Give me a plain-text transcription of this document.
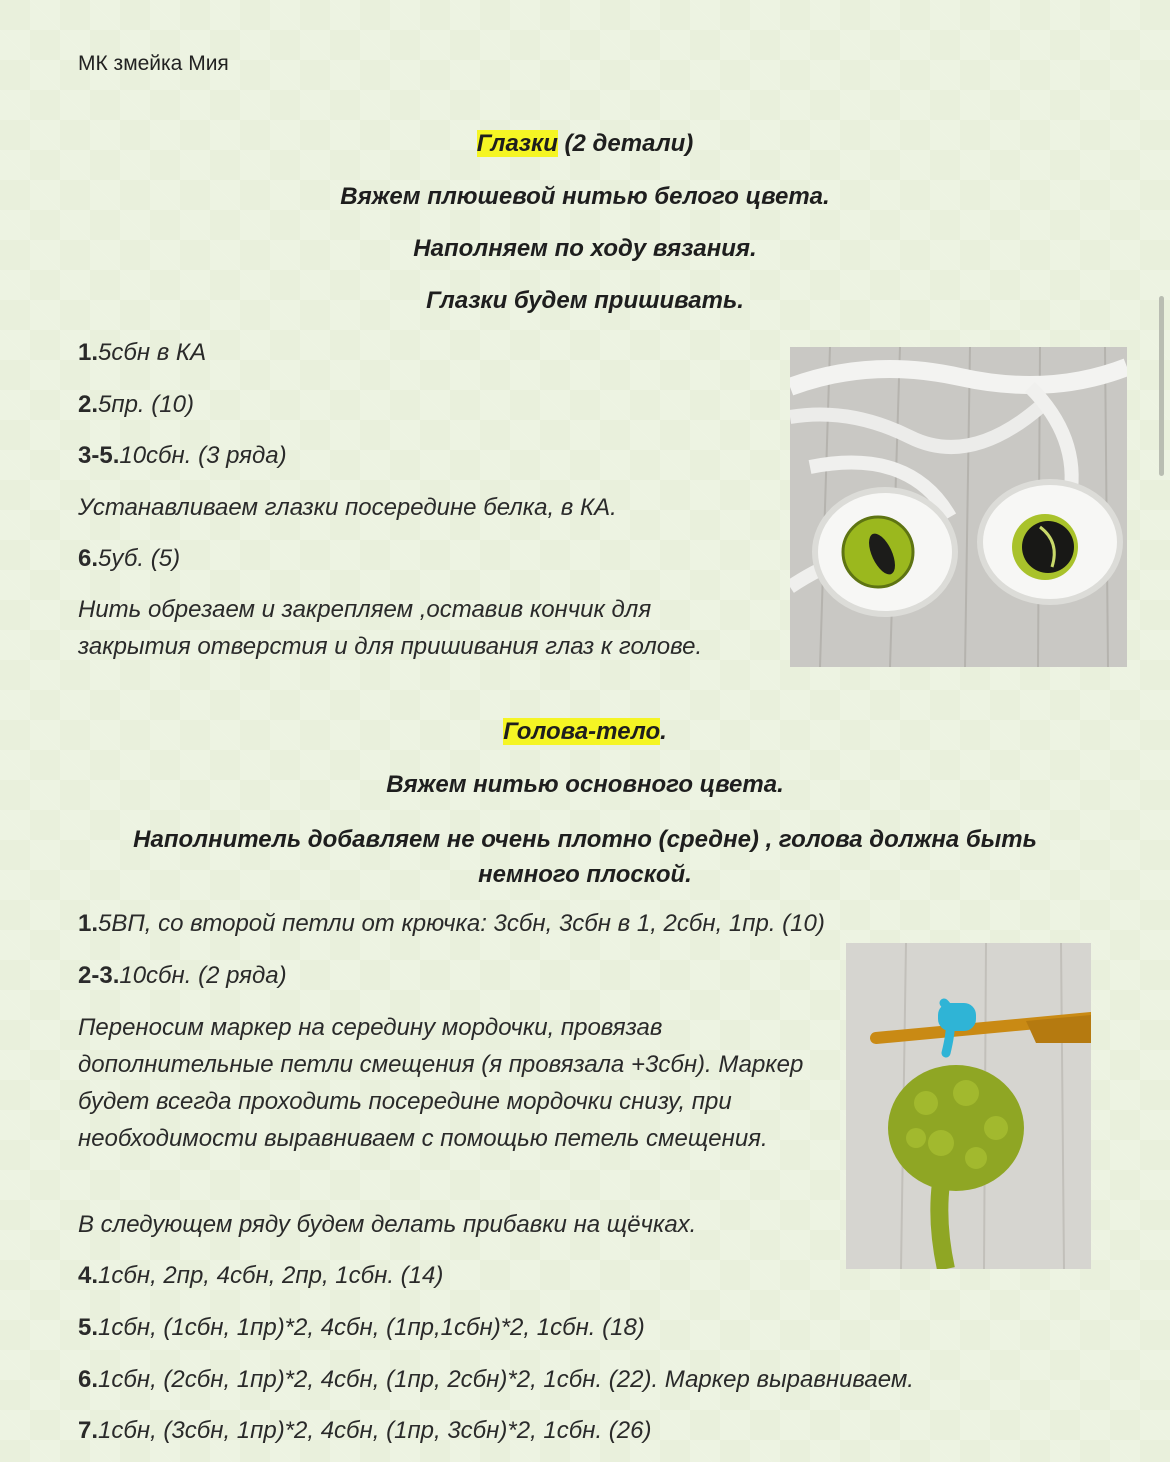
МК змейка Мия
Глазки (2 детали)
Вяжем плюшевой нитью белого цвета.
Наполняем по ходу вязания.
Глазки будем пришивать.
1.5сбн в КА
2.5пр. (10)
3-5.10сбн. (3 ряда)
Устанавливаем глазки посередине белка, в КА.
6.5уб. (5)
Нить обрезаем и закрепляем ,оставив кончик для закрытия отверстия и для пришивания глаз к голове.
Голова-тело.
Вяжем нитью основного цвета.
Наполнитель добавляем не очень плотно (средне) , голова должна быть немного плоской.
1.5ВП, со второй петли от крючка: 3сбн, 3сбн в 1, 2сбн, 1пр. (10)
2-3.10сбн. (2 ряда)
Переносим маркер на середину мордочки, провязав дополнительные петли смещения (я провязала +3сбн). Маркер будет всегда проходить посередине мордочки снизу, при необходимости выравниваем с помощью петель смещения.
В следующем ряду будем делать прибавки на щёчках.
4.1сбн, 2пр, 4сбн, 2пр, 1сбн. (14)
5.1сбн, (1сбн, 1пр)*2, 4сбн, (1пр,1сбн)*2, 1сбн. (18)
6.1сбн, (2сбн, 1пр)*2, 4сбн, (1пр, 2сбн)*2, 1сбн. (22). Маркер выравниваем.
7.1сбн, (3сбн, 1пр)*2, 4сбн, (1пр, 3сбн)*2, 1сбн. (26)
